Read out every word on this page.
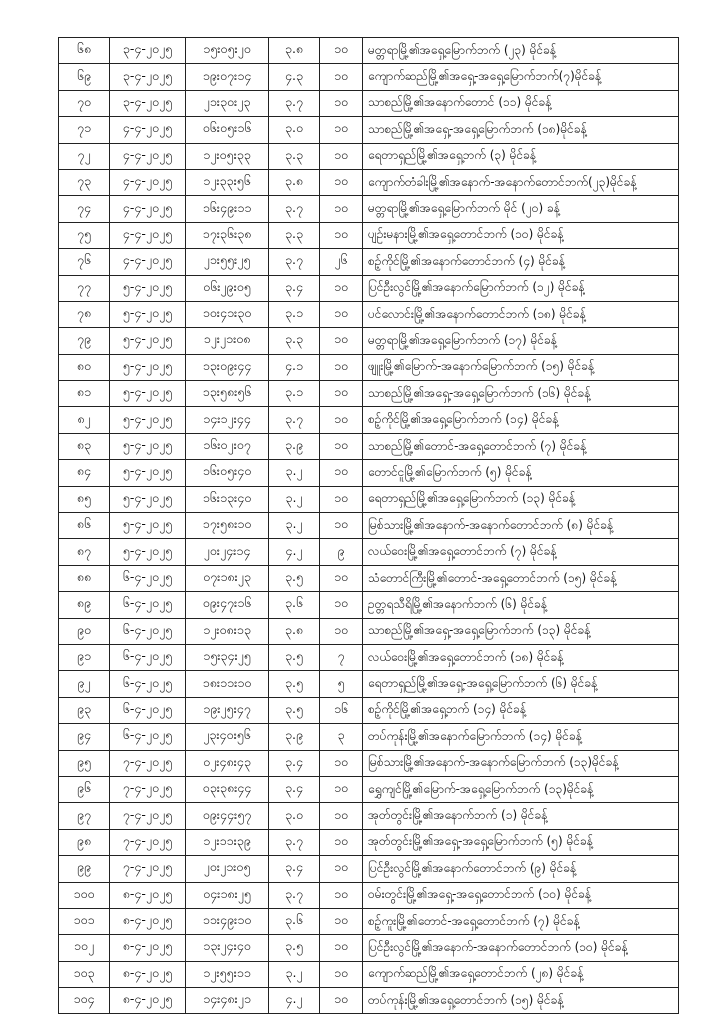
၆၈	၃-၄-၂၀၂၅	၁၅း၀၅း၂၀	၃.၈	၁၀	မတ္တရာမြို့၏အရှေ့မြောက်ဘက် (၂၃) မိုင်ခန့်
၆၉	၃-၄-၂၀၂၅	၁၉း၀၇း၁၄	၄.၃	၁၀	ကျောက်ဆည်မြို့၏အရှေ့-အရှေ့မြောက်ဘက်(၇)မိုင်ခန့်
၇၀	၃-၄-၂၀၂၅	၂၁း၃၀း၂၃	၃.၇	၁၀	သာစည်မြို့၏အနောက်တောင် (၁၁) မိုင်ခန့်
၇၁	၄-၄-၂၀၂၅	၀၆း၀၅း၁၆	၃.၀	၁၀	သာစည်မြို့၏အရှေ့-အရှေ့မြောက်ဘက် (၁၈)မိုင်ခန့်
၇၂	၄-၄-၂၀၂၅	၁၂း၀၅း၃၃	၃.၃	၁၀	ရေတာရှည်မြို့၏အရှေ့ဘက် (၃) မိုင်ခန့်
၇၃	၄-၄-၂၀၂၅	၁၂း၃၃း၅၆	၃.၈	၁၀	ကျောက်တံခါးမြို့၏အနောက်-အနောက်တောင်ဘက်(၂၃)မိုင်ခန့်
၇၄	၄-၄-၂၀၂၅	၁၆း၄၉း၁၁	၃.၇	၁၀	မတ္တရာမြို့၏အရှေ့မြောက်ဘက် မိုင် (၂၀) ခန့်
၇၅	၄-၄-၂၀၂၅	၁၇း၃၆း၃၈	၃.၃	၁၀	ပျဉ်းမနားမြို့၏အရှေ့တောင်ဘက် (၁၀) မိုင်ခန့်
၇၆	၄-၄-၂၀၂၅	၂၁း၅၅း၂၅	၃.၇	၂၆	စဉ့်ကိုင်မြို့၏အနောက်တောင်ဘက် (၄) မိုင်ခန့်
၇၇	၅-၄-၂၀၂၅	၀၆း၂၉း၀၅	၃.၄	၁၀	ပြင်ဦးလွင်မြို့၏အနောက်မြောက်ဘက် (၁၂) မိုင်ခန့်
၇၈	၅-၄-၂၀၂၅	၁၀း၄၁း၃၀	၃.၁	၁၀	ပင်လောင်းမြို့၏အနောက်တောင်ဘက် (၁၈) မိုင်ခန့်
၇၉	၅-၄-၂၀၂၅	၁၂း၂၁း၀၈	၃.၃	၁၀	မတ္တရာမြို့၏အရှေ့မြောက်ဘက် (၁၇) မိုင်ခန့်
၈၀	၅-၄-၂၀၂၅	၁၃း၀၉း၄၄	၄.၁	၁၀	ဖျူးမြို့၏မြောက်-အနောက်မြောက်ဘက် (၁၅) မိုင်ခန့်
၈၁	၅-၄-၂၀၂၅	၁၃း၅၈း၅၆	၃.၁	၁၀	သာစည်မြို့၏အရှေ့-အရှေ့မြောက်ဘက် (၁၆) မိုင်ခန့်
၈၂	၅-၄-၂၀၂၅	၁၄း၁၂း၄၄	၃.၇	၁၀	စဉ့်ကိုင်မြို့၏အရှေ့မြောက်ဘက် (၁၄) မိုင်ခန့်
၈၃	၅-၄-၂၀၂၅	၁၆း၀၂း၀၇	၃.၉	၁၀	သာစည်မြို့၏တောင်-အရှေ့တောင်ဘက် (၇) မိုင်ခန့်
၈၄	၅-၄-၂၀၂၅	၁၆း၀၅း၄၀	၃.၂	၁၀	တောင်ငူမြို့၏မြောက်ဘက် (၅) မိုင်ခန့်
၈၅	၅-၄-၂၀၂၅	၁၆း၁၃း၄၀	၃.၂	၁၀	ရေတာရှည်မြို့၏အရှေ့မြောက်ဘက် (၁၃) မိုင်ခန့်
၈၆	၅-၄-၂၀၂၅	၁၇း၅၈း၁၀	၃.၂	၁၀	မြစ်သားမြို့၏အနောက်-အနောက်တောင်ဘက် (၈) မိုင်ခန့်
၈၇	၅-၄-၂၀၂၅	၂၀း၂၄း၁၄	၄.၂	၉	လယ်ဝေးမြို့၏အရှေ့တောင်ဘက် (၇) မိုင်ခန့်
၈၈	၆-၄-၂၀၂၅	၀၇း၁၈း၂၃	၃.၅	၁၀	သံတောင်ကြီးမြို့၏တောင်-အရှေ့တောင်ဘက် (၁၅) မိုင်ခန့်
၈၉	၆-၄-၂၀၂၅	၀၉း၄၇း၁၆	၃.၆	၁၀	ဥတ္တရသီရိမြို့၏အနောက်ဘက် (၆) မိုင်ခန့်
၉၀	၆-၄-၂၀၂၅	၁၂း၀၈း၁၃	၃.၈	၁၀	သာစည်မြို့၏အရှေ့-အရှေ့မြောက်ဘက် (၁၃) မိုင်ခန့်
၉၁	၆-၄-၂၀၂၅	၁၅း၃၄း၂၅	၃.၅	၇	လယ်ဝေးမြို့၏အရှေ့တောင်ဘက် (၁၈) မိုင်ခန့်
၉၂	၆-၄-၂၀၂၅	၁၈း၁၁း၁၀	၃.၅	၅	ရေတာရှည်မြို့၏အရှေ့-အရှေ့မြောက်ဘက် (၆) မိုင်ခန့်
၉၃	၆-၄-၂၀၂၅	၁၉း၂၅း၄၇	၃.၅	၁၆	စဉ့်ကိုင်မြို့၏အရှေ့ဘက် (၁၄) မိုင်ခန့်
၉၄	၆-၄-၂၀၂၅	၂၃း၄၀း၅၆	၃.၉	၃	တပ်ကုန်းမြို့၏အနောက်မြောက်ဘက် (၁၄) မိုင်ခန့်
၉၅	၇-၄-၂၀၂၅	၀၂း၄၈း၄၃	၃.၄	၁၀	မြစ်သားမြို့၏အနောက်-အနောက်မြောက်ဘက် (၁၃)မိုင်ခန့်
၉၆	၇-၄-၂၀၂၅	၀၃း၃၈း၄၄	၃.၄	၁၀	ရွှေကျင်မြို့၏မြောက်-အရှေ့မြောက်ဘက် (၁၃)မိုင်ခန့်
၉၇	၇-၄-၂၀၂၅	၀၉း၄၄း၅၇	၃.၀	၁၀	အုတ်တွင်းမြို့၏အနောက်ဘက် (၁) မိုင်ခန့်
၉၈	၇-၄-၂၀၂၅	၁၂း၁၁း၃၉	၃.၇	၁၀	အုတ်တွင်းမြို့၏အရှေ့-အရှေ့မြောက်ဘက် (၅) မိုင်ခန့်
၉၉	၇-၄-၂၀၂၅	၂၀း၂၁း၀၅	၃.၄	၁၀	ပြင်ဦးလွင်မြို့၏အနောက်တောင်ဘက် (၉) မိုင်ခန့်
၁၀၀	၈-၄-၂၀၂၅	၀၄း၁၈း၂၅	၃.၇	၁၀	ဝမ်းတွင်းမြို့၏အရှေ့-အရှေ့တောင်ဘက် (၁၀) မိုင်ခန့်
၁၀၁	၈-၄-၂၀၂၅	၁၁း၄၉း၁၀	၃.၆	၁၀	စဉ့်ကူးမြို့၏တောင်-အရှေ့တောင်ဘက် (၇) မိုင်ခန့်
၁၀၂	၈-၄-၂၀၂၅	၁၃း၂၄း၄၀	၃.၅	၁၀	ပြင်ဦးလွင်မြို့၏အနောက်-အနောက်တောင်ဘက် (၁၀) မိုင်ခန့်
၁၀၃	၈-၄-၂၀၂၅	၁၂း၅၅း၁၁	၃.၂	၁၀	ကျောက်ဆည်မြို့၏အရှေ့တောင်ဘက် (၂၈) မိုင်ခန့်
၁၀၄	၈-၄-၂၀၂၅	၁၄း၄၈း၂၁	၄.၂	၁၀	တပ်ကုန်းမြို့၏အရှေ့တောင်ဘက် (၁၅) မိုင်ခန့်
